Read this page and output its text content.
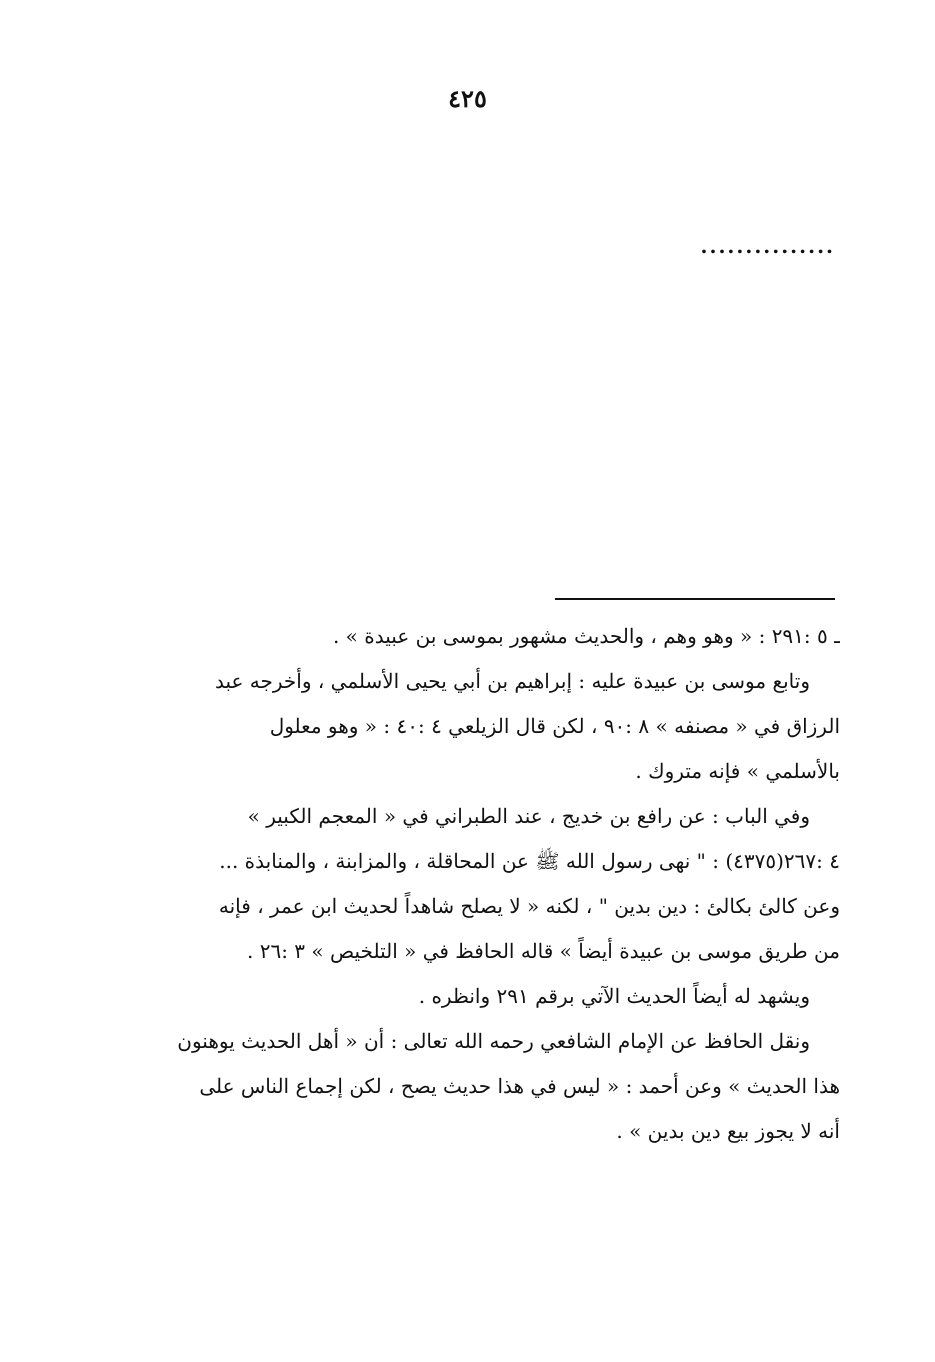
٤٢٥
...............
ـ ٥ :٢٩١ : « وهو وهم ، والحديث مشهور بموسى بن عبيدة » .
وتابع موسى بن عبيدة عليه : إبراهيم بن أبي يحيى الأسلمي ، وأخرجه عبد
الرزاق في « مصنفه » ٨ :٩٠ ، لكن قال الزيلعي ٤ :٤٠ : « وهو معلول
بالأسلمي » فإنه متروك .
وفي الباب : عن رافع بن خديج ، عند الطبراني في « المعجم الكبير »
٤ :٢٦٧(٤٣٧٥) : " نهى رسول الله ﷺ عن المحاقلة ، والمزابنة ، والمنابذة ...
وعن كالئ بكالئ : دين بدين " ، لكنه « لا يصلح شاهداً لحديث ابن عمر ، فإنه
من طريق موسى بن عبيدة أيضاً » قاله الحافظ في « التلخيص » ٣ :٢٦ .
ويشهد له أيضاً الحديث الآتي برقم ٢٩١ وانظره .
ونقل الحافظ عن الإمام الشافعي رحمه الله تعالى : أن « أهل الحديث يوهنون
هذا الحديث » وعن أحمد : « ليس في هذا حديث يصح ، لكن إجماع الناس على
أنه لا يجوز بيع دين بدين » .
